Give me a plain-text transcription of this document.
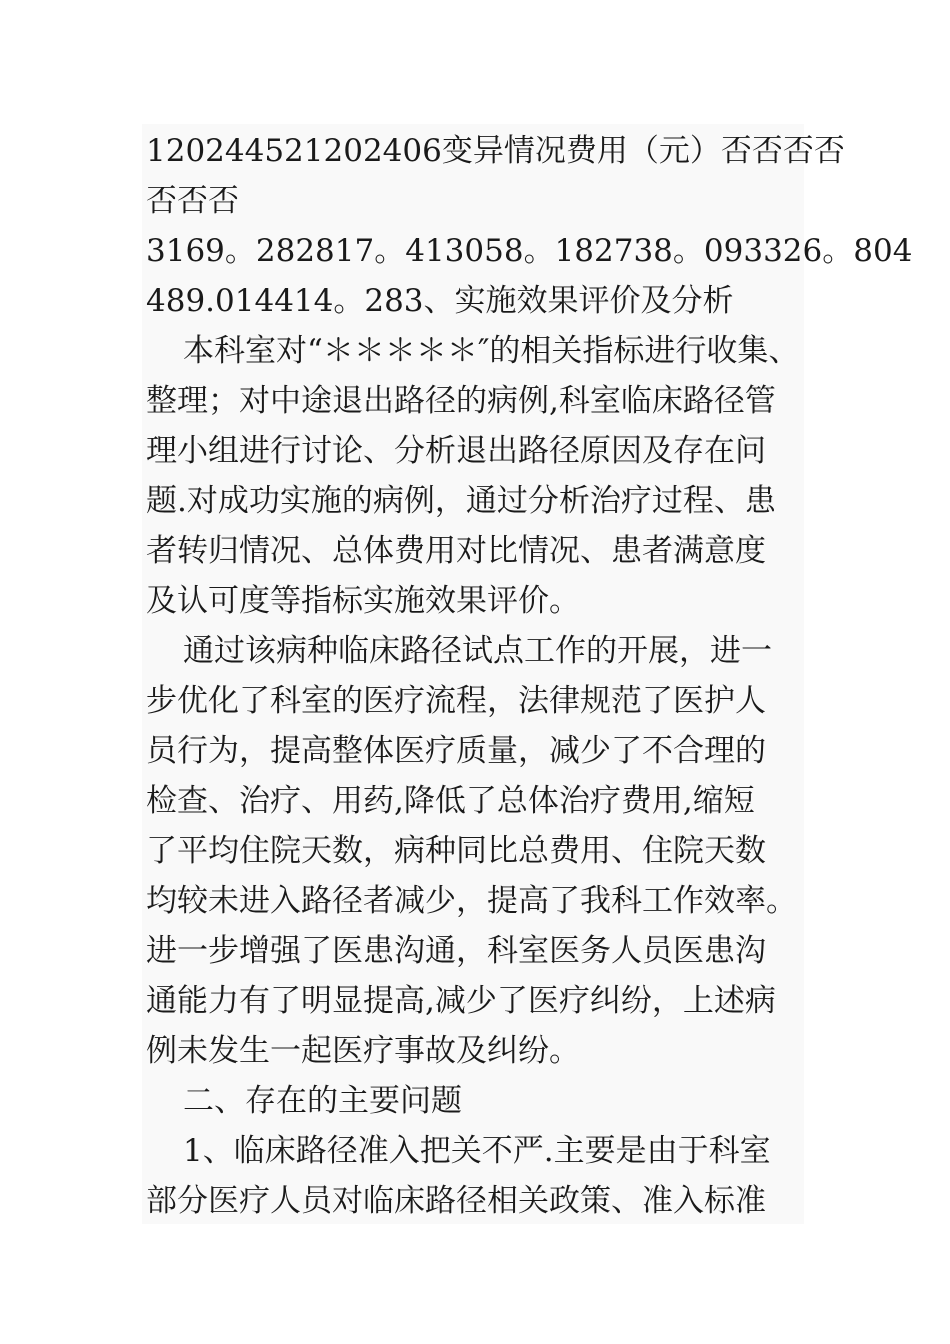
120244521202406变异情况费用（元）否否否否
否否否
3169。282817。413058。182738。093326。804
489.014414。283、实施效果评价及分析
本科室对“＊＊＊＊＊″的相关指标进行收集、
整理；对中途退出路径的病例,科室临床路径管
理小组进行讨论、分析退出路径原因及存在问
题.对成功实施的病例，通过分析治疗过程、患
者转归情况、总体费用对比情况、患者满意度
及认可度等指标实施效果评价。
通过该病种临床路径试点工作的开展，进一
步优化了科室的医疗流程，法律规范了医护人
员行为，提高整体医疗质量，减少了不合理的
检查、治疗、用药,降低了总体治疗费用,缩短
了平均住院天数，病种同比总费用、住院天数
均较未进入路径者减少，提高了我科工作效率。
进一步增强了医患沟通，科室医务人员医患沟
通能力有了明显提高,减少了医疗纠纷，上述病
例未发生一起医疗事故及纠纷。
二、存在的主要问题
1、临床路径准入把关不严.主要是由于科室
部分医疗人员对临床路径相关政策、准入标准
